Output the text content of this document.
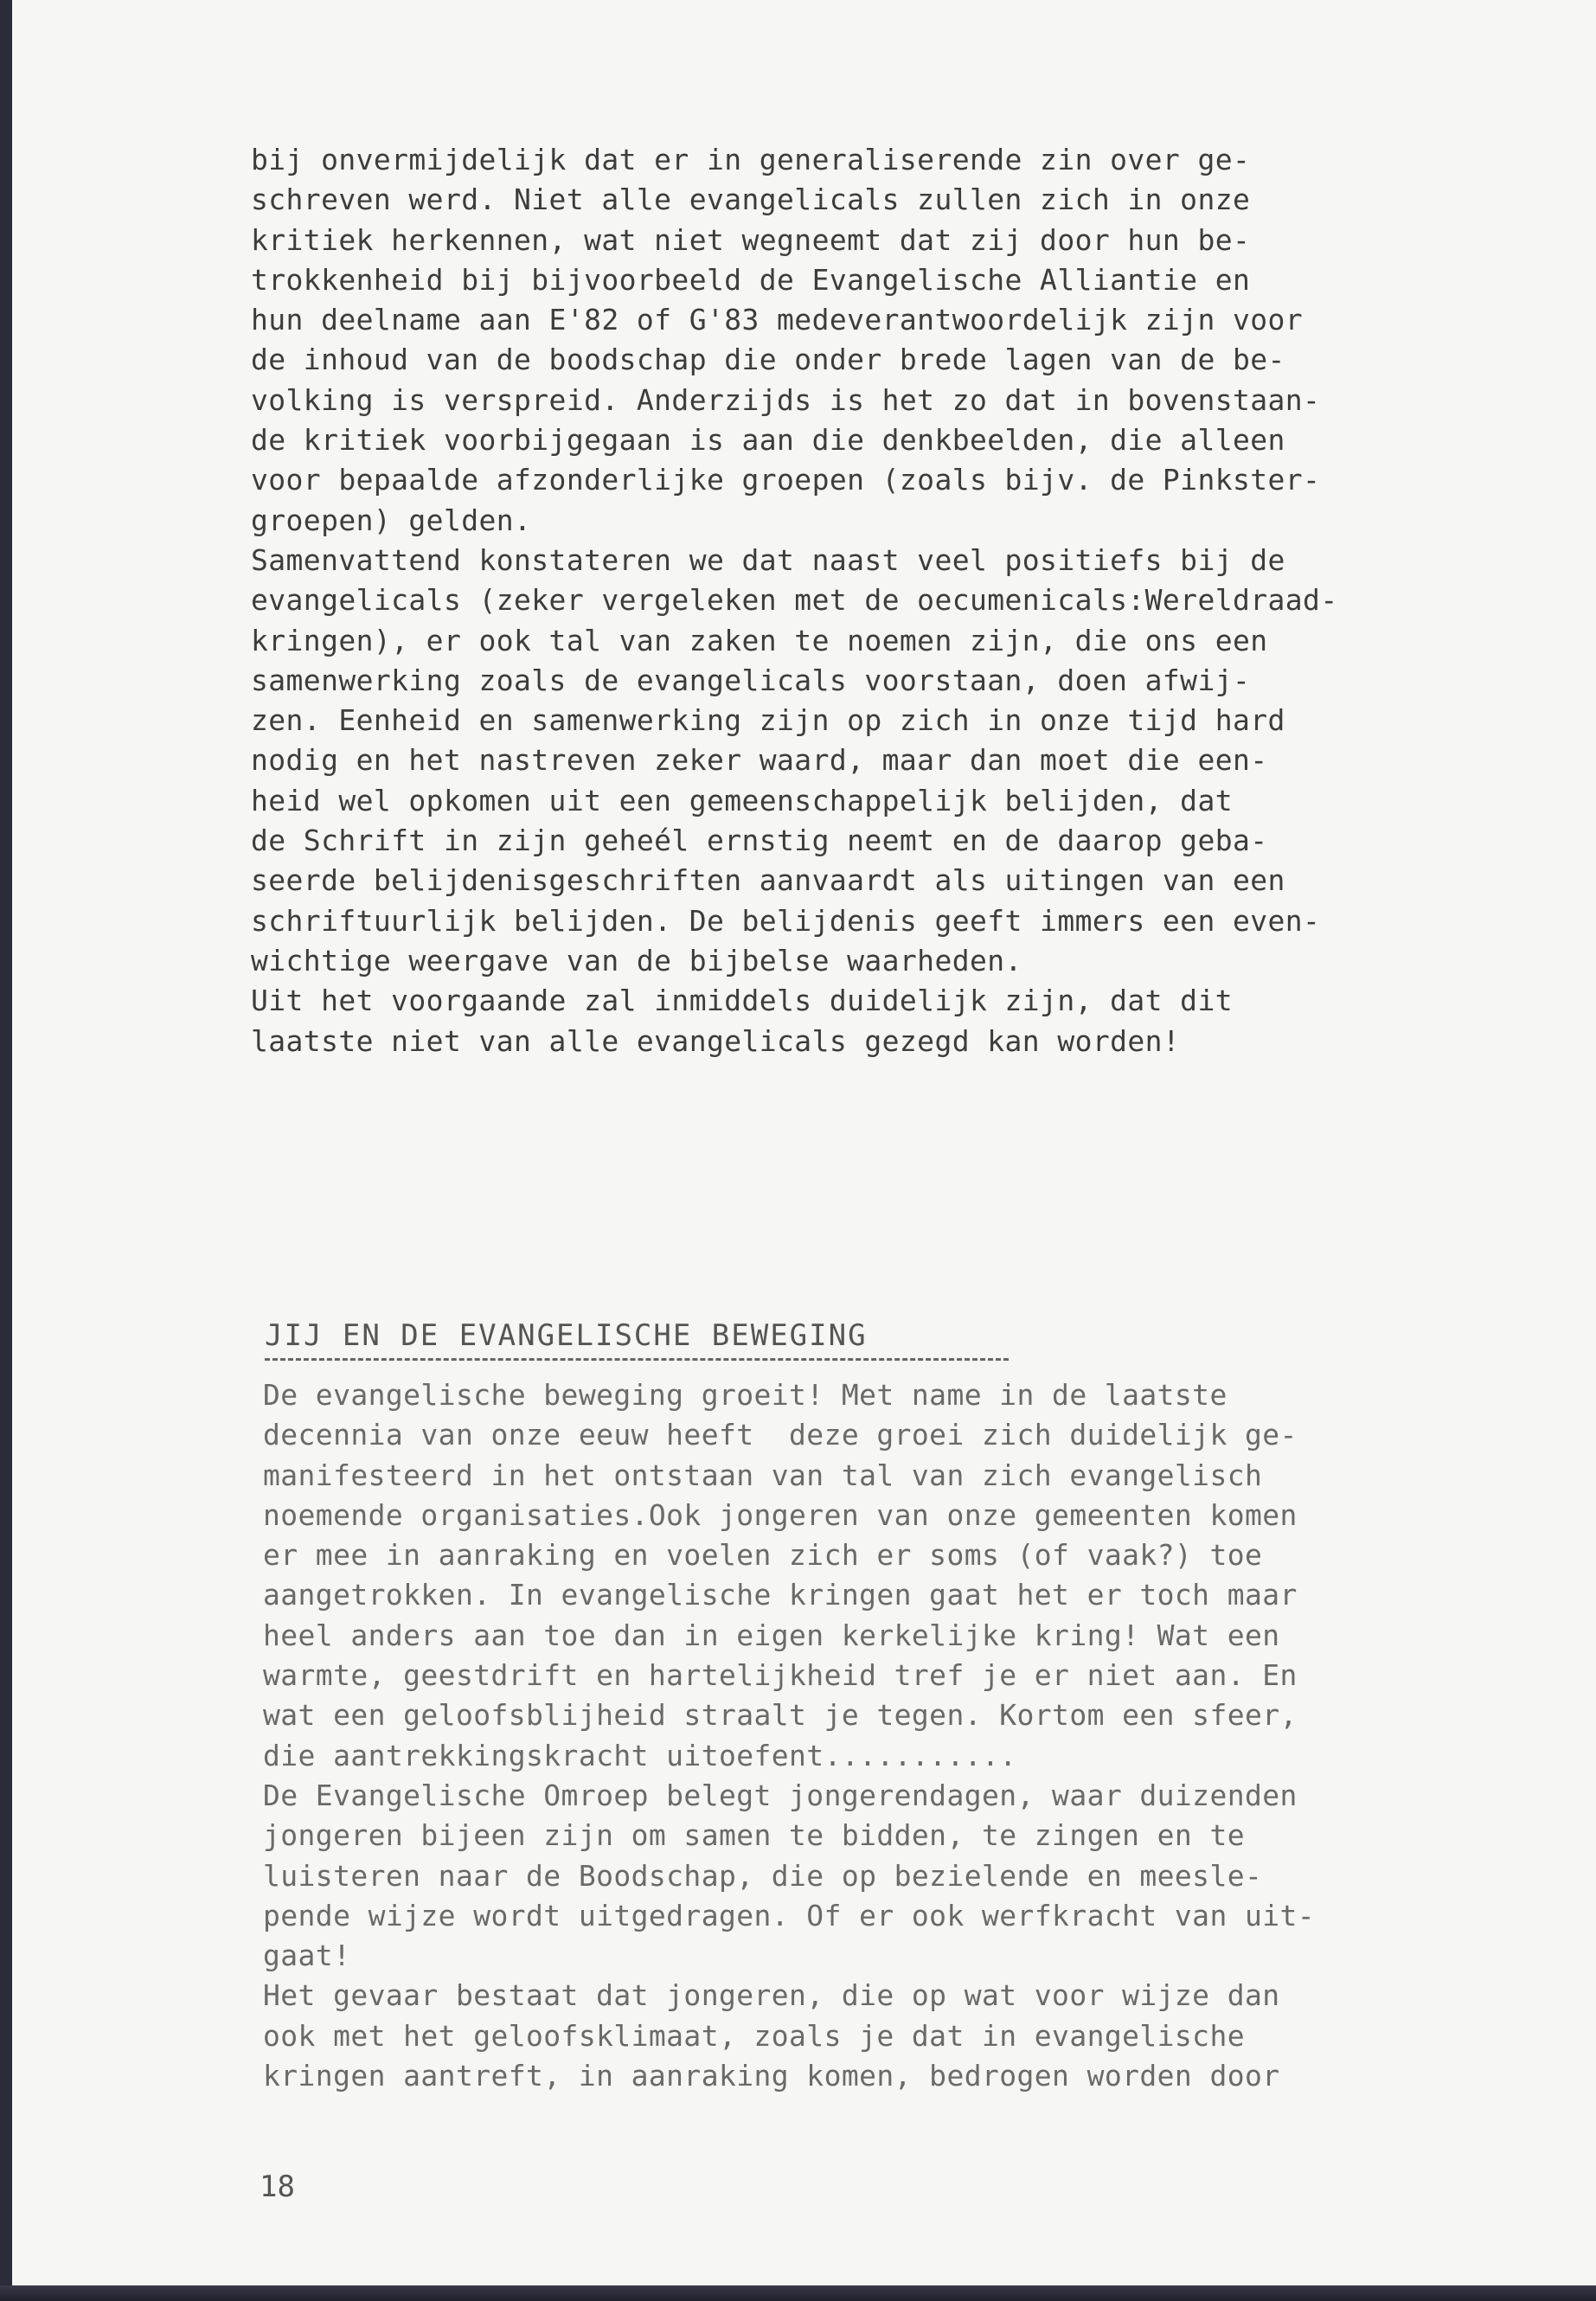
bij onvermijdelijk dat er in generaliserende zin over ge-
schreven werd. Niet alle evangelicals zullen zich in onze
kritiek herkennen, wat niet wegneemt dat zij door hun be-
trokkenheid bij bijvoorbeeld de Evangelische Alliantie en
hun deelname aan E'82 of G'83 medeverantwoordelijk zijn voor
de inhoud van de boodschap die onder brede lagen van de be-
volking is verspreid. Anderzijds is het zo dat in bovenstaan-
de kritiek voorbijgegaan is aan die denkbeelden, die alleen
voor bepaalde afzonderlijke groepen (zoals bijv. de Pinkster-
groepen) gelden.
Samenvattend konstateren we dat naast veel positiefs bij de
evangelicals (zeker vergeleken met de oecumenicals:Wereldraad-
kringen), er ook tal van zaken te noemen zijn, die ons een
samenwerking zoals de evangelicals voorstaan, doen afwij-
zen. Eenheid en samenwerking zijn op zich in onze tijd hard
nodig en het nastreven zeker waard, maar dan moet die een-
heid wel opkomen uit een gemeenschappelijk belijden, dat
de Schrift in zijn geheél ernstig neemt en de daarop geba-
seerde belijdenisgeschriften aanvaardt als uitingen van een
schriftuurlijk belijden. De belijdenis geeft immers een even-
wichtige weergave van de bijbelse waarheden.
Uit het voorgaande zal inmiddels duidelijk zijn, dat dit
laatste niet van alle evangelicals gezegd kan worden!
JIJ EN DE EVANGELISCHE BEWEGING
De evangelische beweging groeit! Met name in de laatste
decennia van onze eeuw heeft  deze groei zich duidelijk ge-
manifesteerd in het ontstaan van tal van zich evangelisch
noemende organisaties.Ook jongeren van onze gemeenten komen
er mee in aanraking en voelen zich er soms (of vaak?) toe
aangetrokken. In evangelische kringen gaat het er toch maar
heel anders aan toe dan in eigen kerkelijke kring! Wat een
warmte, geestdrift en hartelijkheid tref je er niet aan. En
wat een geloofsblijheid straalt je tegen. Kortom een sfeer,
die aantrekkingskracht uitoefent...........
De Evangelische Omroep belegt jongerendagen, waar duizenden
jongeren bijeen zijn om samen te bidden, te zingen en te
luisteren naar de Boodschap, die op bezielende en meesle-
pende wijze wordt uitgedragen. Of er ook werfkracht van uit-
gaat!
Het gevaar bestaat dat jongeren, die op wat voor wijze dan
ook met het geloofsklimaat, zoals je dat in evangelische
kringen aantreft, in aanraking komen, bedrogen worden door
18
